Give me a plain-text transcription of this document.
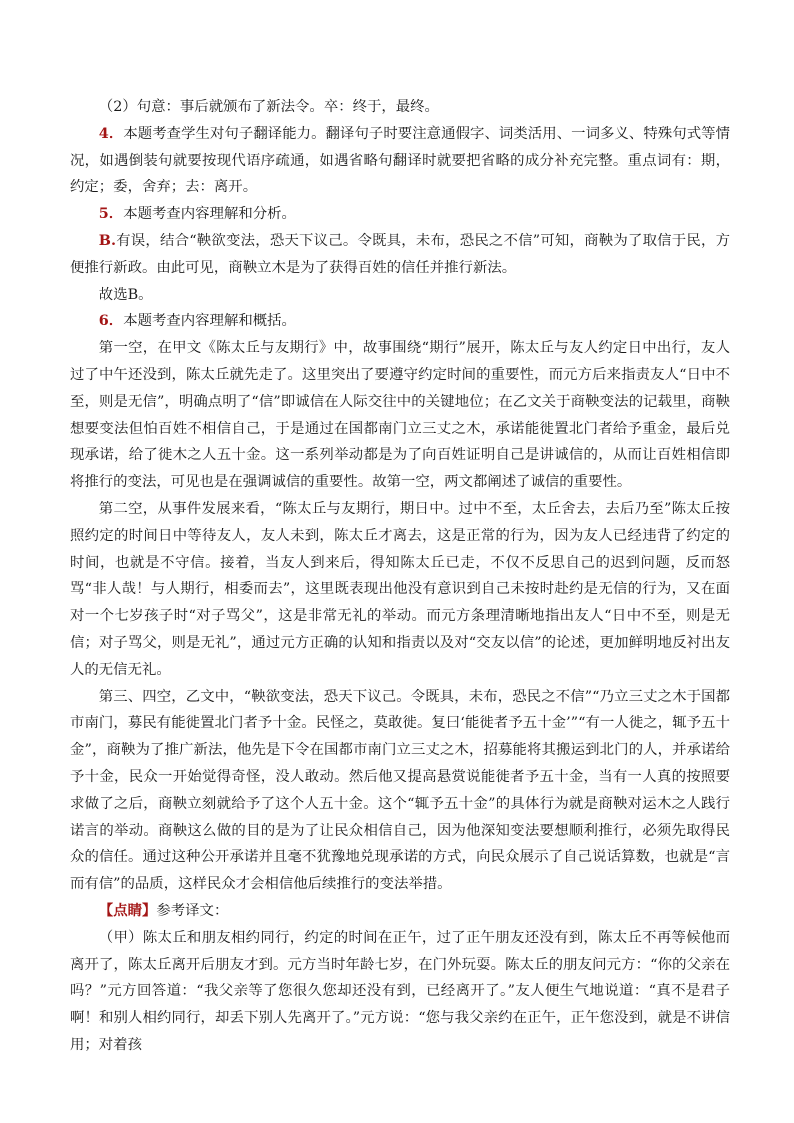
（2）句意：事后就颁布了新法令。卒：终于，最终。

4．本题考查学生对句子翻译能力。翻译句子时要注意通假字、词类活用、一词多义、特殊句式等情况，如遇倒装句就要按现代语序疏通，如遇省略句翻译时就要把省略的成分补充完整。重点词有：期，约定；委，舍弃；去：离开。

5．本题考查内容理解和分析。

B.有误，结合“鞅欲变法，恐天下议己。令既具，未布，恐民之不信”可知，商鞅为了取信于民，方便推行新政。由此可见，商鞅立木是为了获得百姓的信任并推行新法。

故选B。

6．本题考查内容理解和概括。

第一空，在甲文《陈太丘与友期行》中，故事围绕“期行”展开，陈太丘与友人约定日中出行，友人过了中午还没到，陈太丘就先走了。这里突出了要遵守约定时间的重要性，而元方后来指责友人“日中不至，则是无信”，明确点明了“信”即诚信在人际交往中的关键地位；在乙文关于商鞅变法的记载里，商鞅想要变法但怕百姓不相信自己，于是通过在国都南门立三丈之木，承诺能徙置北门者给予重金，最后兑现承诺，给了徙木之人五十金。这一系列举动都是为了向百姓证明自己是讲诚信的，从而让百姓相信即将推行的变法，可见也是在强调诚信的重要性。故第一空，两文都阐述了诚信的重要性。

第二空，从事件发展来看，“陈太丘与友期行，期日中。过中不至，太丘舍去，去后乃至”陈太丘按照约定的时间日中等待友人，友人未到，陈太丘才离去，这是正常的行为，因为友人已经违背了约定的时间，也就是不守信。接着，当友人到来后，得知陈太丘已走，不仅不反思自己的迟到问题，反而怒骂“非人哉！与人期行，相委而去”，这里既表现出他没有意识到自己未按时赴约是无信的行为，又在面对一个七岁孩子时“对子骂父”，这是非常无礼的举动。而元方条理清晰地指出友人“日中不至，则是无信；对子骂父，则是无礼”，通过元方正确的认知和指责以及对“交友以信”的论述，更加鲜明地反衬出友人的无信无礼。

第三、四空，乙文中，“鞅欲变法，恐天下议己。令既具，未布，恐民之不信”“乃立三丈之木于国都市南门，募民有能徙置北门者予十金。民怪之，莫敢徙。复曰‘能徙者予五十金’”“有一人徙之，辄予五十金”，商鞅为了推广新法，他先是下令在国都市南门立三丈之木，招募能将其搬运到北门的人，并承诺给予十金，民众一开始觉得奇怪，没人敢动。然后他又提高悬赏说能徙者予五十金，当有一人真的按照要求做了之后，商鞅立刻就给予了这个人五十金。这个“辄予五十金”的具体行为就是商鞅对运木之人践行诺言的举动。商鞅这么做的目的是为了让民众相信自己，因为他深知变法要想顺利推行，必须先取得民众的信任。通过这种公开承诺并且毫不犹豫地兑现承诺的方式，向民众展示了自己说话算数，也就是“言而有信”的品质，这样民众才会相信他后续推行的变法举措。

【点睛】参考译文：

（甲）陈太丘和朋友相约同行，约定的时间在正午，过了正午朋友还没有到，陈太丘不再等候他而离开了，陈太丘离开后朋友才到。元方当时年龄七岁，在门外玩耍。陈太丘的朋友问元方：“你的父亲在吗？”元方回答道：“我父亲等了您很久您却还没有到，已经离开了。”友人便生气地说道：“真不是君子啊！和别人相约同行，却丢下别人先离开了。”元方说：“您与我父亲约在正午，正午您没到，就是不讲信用；对着孩
